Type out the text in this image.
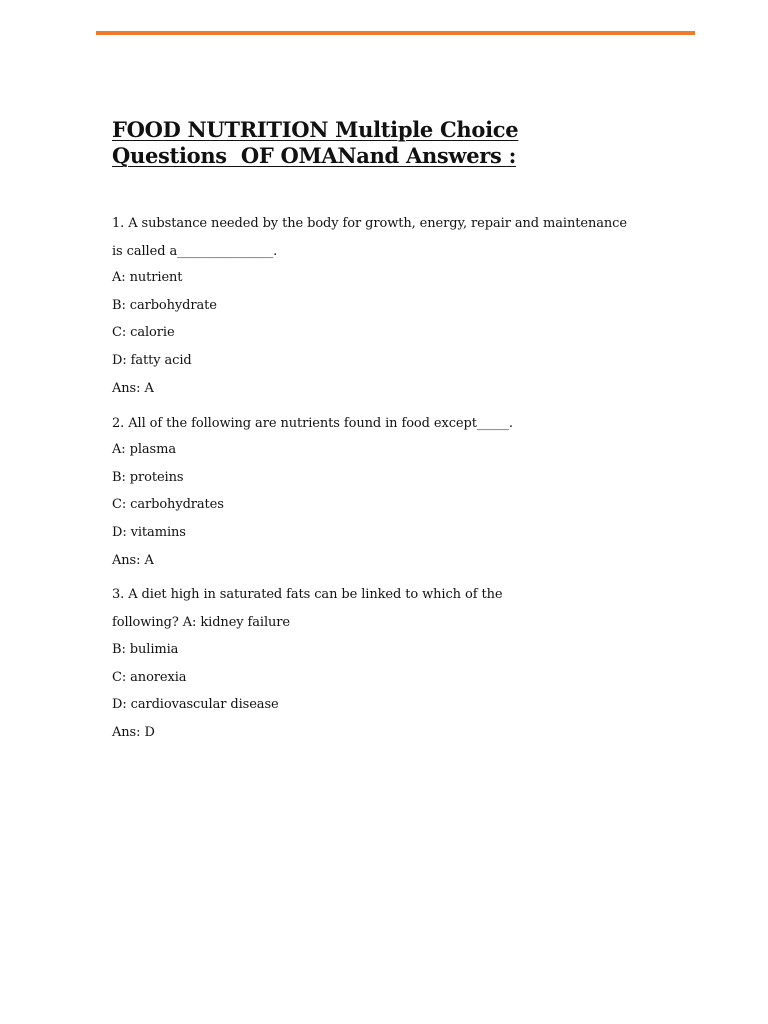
FOOD NUTRITION Multiple Choice
Questions  OF OMANand Answers :

1. A substance needed by the body for growth, energy, repair and maintenance

is called a_______________.

A: nutrient

B: carbohydrate

C: calorie

D: fatty acid

Ans: A

2. All of the following are nutrients found in food except_____.

A: plasma

B: proteins

C: carbohydrates

D: vitamins

Ans: A

3. A diet high in saturated fats can be linked to which of the

following? A: kidney failure

B: bulimia

C: anorexia

D: cardiovascular disease

Ans: D
